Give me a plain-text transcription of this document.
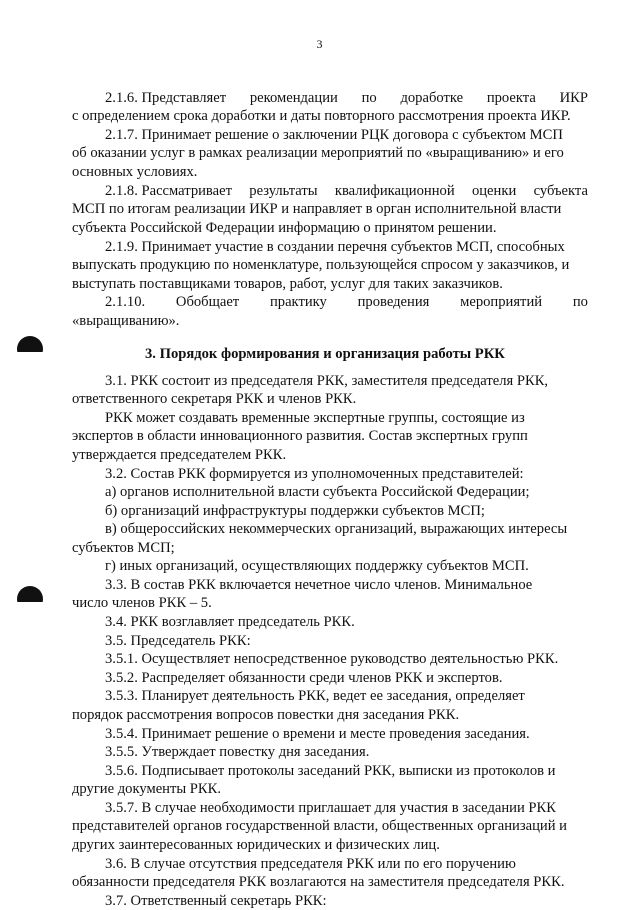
3
2.1.6. Представляет рекомендации по доработке проекта ИКР
с определением срока доработки и даты повторного рассмотрения проекта ИКР.
2.1.7. Принимает решение о заключении РЦК договора с субъектом МСП
об оказании услуг в рамках реализации мероприятий по «выращиванию» и его
основных условиях.
2.1.8. Рассматривает результаты квалификационной оценки субъекта
МСП по итогам реализации ИКР и направляет в орган исполнительной власти
субъекта Российской Федерации информацию о принятом решении.
2.1.9. Принимает участие в создании перечня субъектов МСП, способных
выпускать продукцию по номенклатуре, пользующейся спросом у заказчиков, и
выступать поставщиками товаров, работ, услуг для таких заказчиков.
2.1.10. Обобщает практику проведения мероприятий по
«выращиванию».
3. Порядок формирования и организация работы РКК
3.1. РКК состоит из председателя РКК, заместителя председателя РКК,
ответственного секретаря РКК и членов РКК.
РКК может создавать временные экспертные группы, состоящие из
экспертов в области инновационного развития. Состав экспертных групп
утверждается председателем РКК.
3.2. Состав РКК формируется из уполномоченных представителей:
а) органов исполнительной власти субъекта Российской Федерации;
б) организаций инфраструктуры поддержки субъектов МСП;
в) общероссийских некоммерческих организаций, выражающих интересы
субъектов МСП;
г) иных организаций, осуществляющих поддержку субъектов МСП.
3.3. В состав РКК включается нечетное число членов. Минимальное
число членов РКК – 5.
3.4. РКК возглавляет председатель РКК.
3.5. Председатель РКК:
3.5.1. Осуществляет непосредственное руководство деятельностью РКК.
3.5.2. Распределяет обязанности среди членов РКК и экспертов.
3.5.3. Планирует деятельность РКК, ведет ее заседания, определяет
порядок рассмотрения вопросов повестки дня заседания РКК.
3.5.4. Принимает решение о времени и месте проведения заседания.
3.5.5. Утверждает повестку дня заседания.
3.5.6. Подписывает протоколы заседаний РКК, выписки из протоколов и
другие документы РКК.
3.5.7. В случае необходимости приглашает для участия в заседании РКК
представителей органов государственной власти, общественных организаций и
других заинтересованных юридических и физических лиц.
3.6. В случае отсутствия председателя РКК или по его поручению
обязанности председателя РКК возлагаются на заместителя председателя РКК.
3.7. Ответственный секретарь РКК:
